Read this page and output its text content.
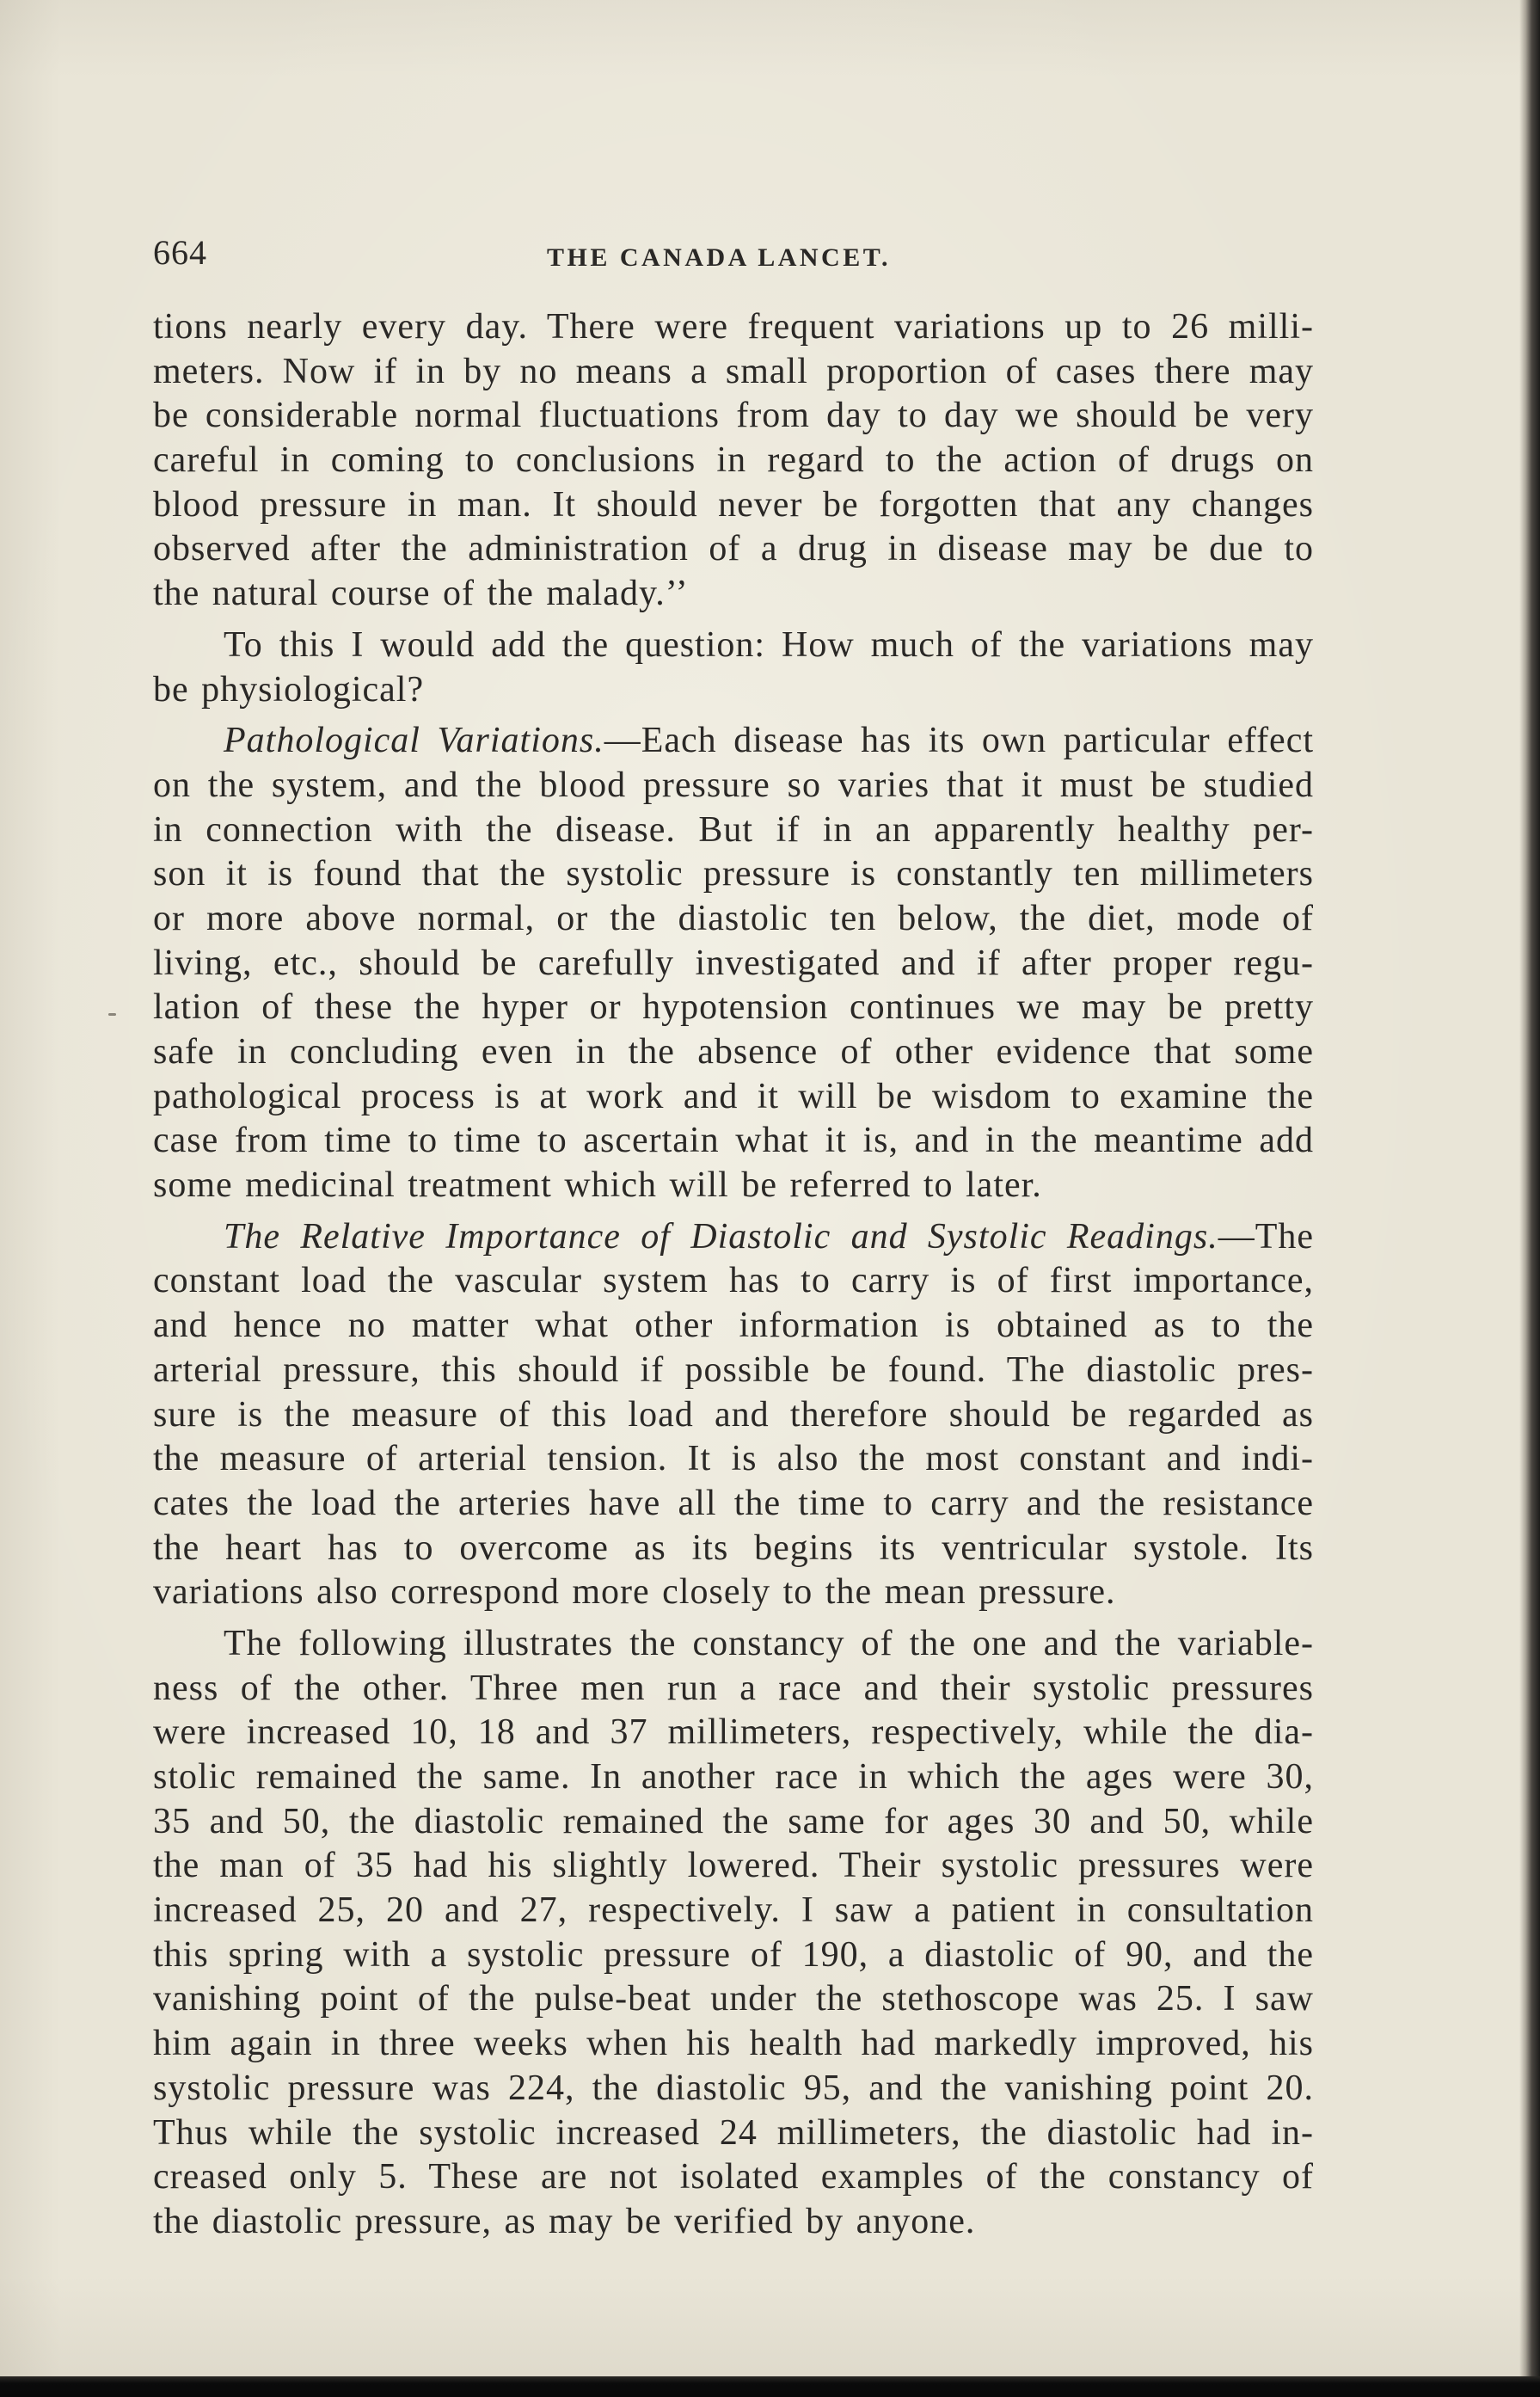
664	THE CANADA LANCET.
tions nearly every day. There were frequent variations up to 26 milli-
meters. Now if in by no means a small proportion of cases there may
be considerable normal fluctuations from day to day we should be very
careful in coming to conclusions in regard to the action of drugs on
blood pressure in man. It should never be forgotten that any changes
observed after the administration of a drug in disease may be due to
the natural course of the malady.’’
To this I would add the question: How much of the variations may
be physiological?
Pathological Variations.—Each disease has its own particular effect
on the system, and the blood pressure so varies that it must be studied
in connection with the disease. But if in an apparently healthy per-
son it is found that the systolic pressure is constantly ten millimeters
or more above normal, or the diastolic ten below, the diet, mode of
living, etc., should be carefully investigated and if after proper regu-
lation of these the hyper or hypotension continues we may be pretty
safe in concluding even in the absence of other evidence that some
pathological process is at work and it will be wisdom to examine the
case from time to time to ascertain what it is, and in the meantime add
some medicinal treatment which will be referred to later.
The Relative Importance of Diastolic and Systolic Readings.—The
constant load the vascular system has to carry is of first importance,
and hence no matter what other information is obtained as to the
arterial pressure, this should if possible be found. The diastolic pres-
sure is the measure of this load and therefore should be regarded as
the measure of arterial tension. It is also the most constant and indi-
cates the load the arteries have all the time to carry and the resistance
the heart has to overcome as its begins its ventricular systole. Its
variations also correspond more closely to the mean pressure.
The following illustrates the constancy of the one and the variable-
ness of the other. Three men run a race and their systolic pressures
were increased 10, 18 and 37 millimeters, respectively, while the dia-
stolic remained the same. In another race in which the ages were 30,
35 and 50, the diastolic remained the same for ages 30 and 50, while
the man of 35 had his slightly lowered. Their systolic pressures were
increased 25, 20 and 27, respectively. I saw a patient in consultation
this spring with a systolic pressure of 190, a diastolic of 90, and the
vanishing point of the pulse-beat under the stethoscope was 25. I saw
him again in three weeks when his health had markedly improved, his
systolic pressure was 224, the diastolic 95, and the vanishing point 20.
Thus while the systolic increased 24 millimeters, the diastolic had in-
creased only 5. These are not isolated examples of the constancy of
the diastolic pressure, as may be verified by anyone.
